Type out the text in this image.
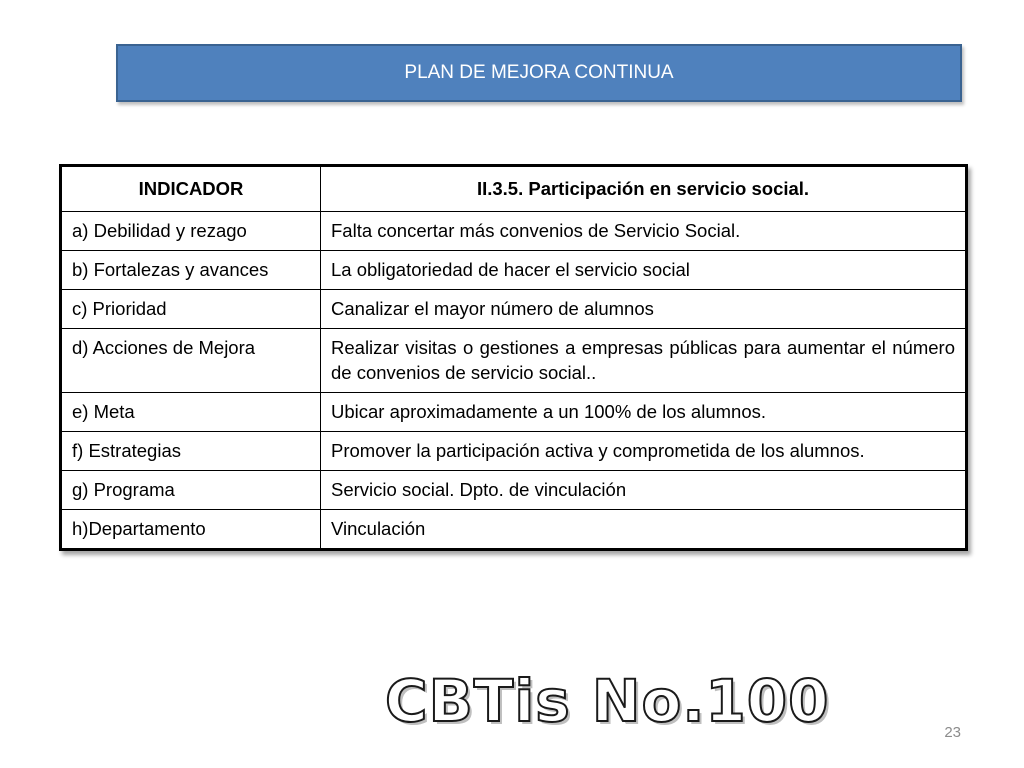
PLAN DE MEJORA CONTINUA
INDICADOR	II.3.5. Participación en servicio social.
a) Debilidad y rezago	Falta concertar más convenios de Servicio Social.
b) Fortalezas y avances	La obligatoriedad de hacer el servicio social
c) Prioridad	Canalizar el mayor número de alumnos
d) Acciones de Mejora	Realizar visitas o gestiones a empresas públicas para aumentar el número de convenios de servicio social..
e) Meta	Ubicar aproximadamente a un 100% de los alumnos.
f) Estrategias	Promover la participación activa y comprometida de los alumnos.
g) Programa	Servicio social. Dpto. de vinculación
h)Departamento	Vinculación
CBTis No.100	23
